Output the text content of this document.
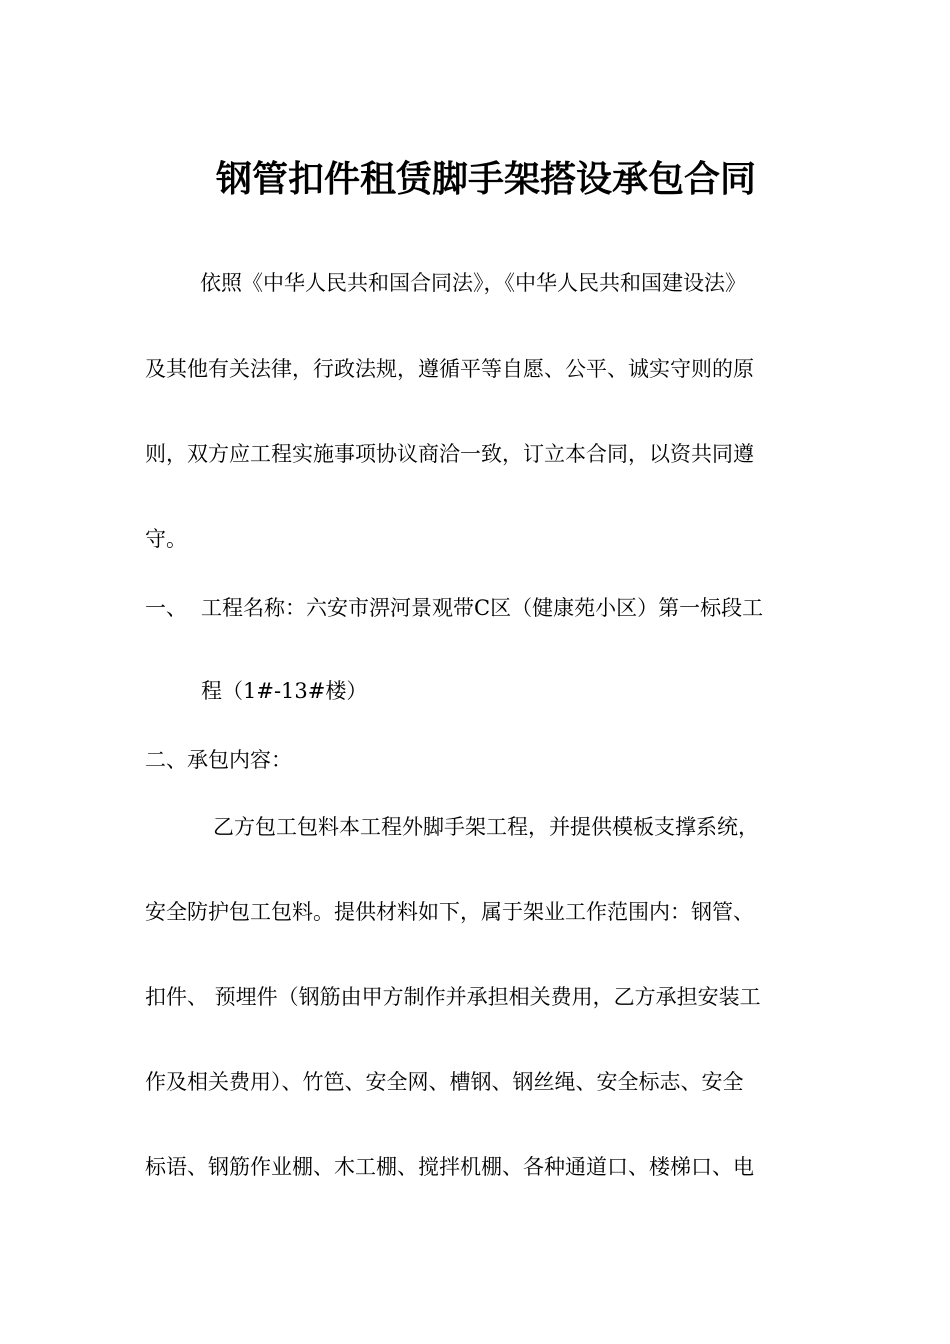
钢管扣件租赁脚手架搭设承包合同
依照《中华人民共和国合同法》，《中华人民共和国建设法》
及其他有关法律，行政法规，遵循平等自愿、公平、诚实守则的原
则，双方应工程实施事项协议商洽一致，订立本合同，以资共同遵
守。
一、 工程名称：六安市淠河景观带C区（健康苑小区）第一标段工
程（1#-13#楼）
二、承包内容：
乙方包工包料本工程外脚手架工程，并提供模板支撑系统，
安全防护包工包料。提供材料如下，属于架业工作范围内：钢管、
扣件、 预埋件（钢筋由甲方制作并承担相关费用，乙方承担安装工
作及相关费用）、竹笆、安全网、槽钢、钢丝绳、安全标志、安全
标语、钢筋作业棚、木工棚、搅拌机棚、各种通道口、楼梯口、电
